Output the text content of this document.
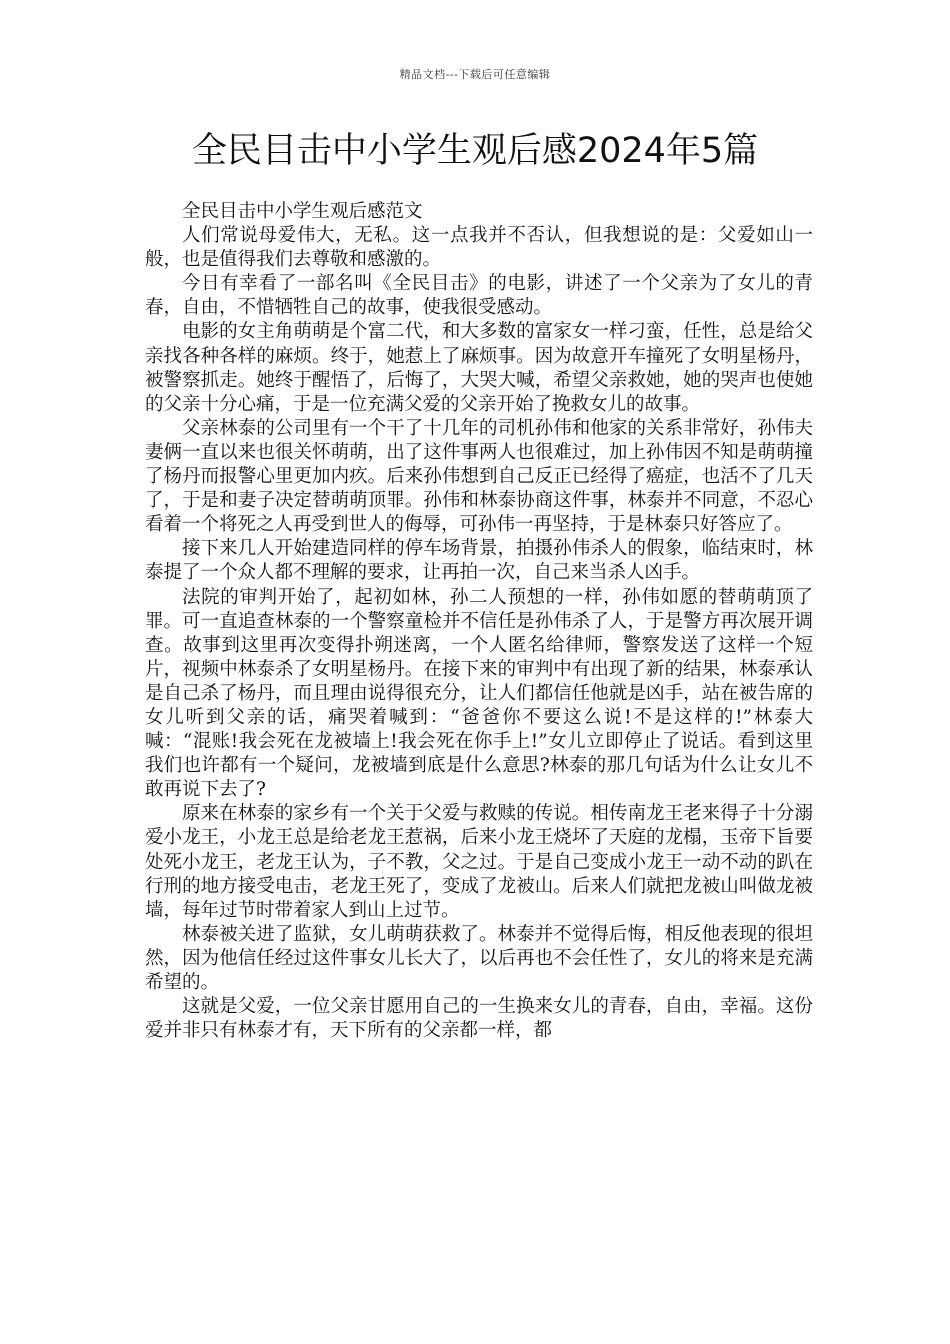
精品文档---下载后可任意编辑
全民目击中小学生观后感2024年5篇

全民目击中小学生观后感范文

人们常说母爱伟大，无私。这一点我并不否认，但我想说的是：父爱如山一般，也是值得我们去尊敬和感激的。

今日有幸看了一部名叫《全民目击》的电影，讲述了一个父亲为了女儿的青春，自由，不惜牺牲自己的故事，使我很受感动。

电影的女主角萌萌是个富二代，和大多数的富家女一样刁蛮，任性，总是给父亲找各种各样的麻烦。终于，她惹上了麻烦事。因为故意开车撞死了女明星杨丹，被警察抓走。她终于醒悟了，后悔了，大哭大喊，希望父亲救她，她的哭声也使她的父亲十分心痛，于是一位充满父爱的父亲开始了挽救女儿的故事。

父亲林泰的公司里有一个干了十几年的司机孙伟和他家的关系非常好，孙伟夫妻俩一直以来也很关怀萌萌，出了这件事两人也很难过，加上孙伟因不知是萌萌撞了杨丹而报警心里更加内疚。后来孙伟想到自己反正已经得了癌症，也活不了几天了，于是和妻子决定替萌萌顶罪。孙伟和林泰协商这件事，林泰并不同意，不忍心看着一个将死之人再受到世人的侮辱，可孙伟一再坚持，于是林泰只好答应了。

接下来几人开始建造同样的停车场背景，拍摄孙伟杀人的假象，临结束时，林泰提了一个众人都不理解的要求，让再拍一次，自己来当杀人凶手。

法院的审判开始了，起初如林，孙二人预想的一样，孙伟如愿的替萌萌顶了罪。可一直追查林泰的一个警察童检并不信任是孙伟杀了人，于是警方再次展开调查。故事到这里再次变得扑朔迷离，一个人匿名给律师，警察发送了这样一个短片，视频中林泰杀了女明星杨丹。在接下来的审判中有出现了新的结果，林泰承认是自己杀了杨丹，而且理由说得很充分，让人们都信任他就是凶手，站在被告席的女儿听到父亲的话，痛哭着喊到：“爸爸你不要这么说!不是这样的!”林泰大喊：“混账!我会死在龙被墙上!我会死在你手上!”女儿立即停止了说话。看到这里我们也许都有一个疑问，龙被墙到底是什么意思?林泰的那几句话为什么让女儿不敢再说下去了?

原来在林泰的家乡有一个关于父爱与救赎的传说。相传南龙王老来得子十分溺爱小龙王，小龙王总是给老龙王惹祸，后来小龙王烧坏了天庭的龙榻，玉帝下旨要处死小龙王，老龙王认为，子不教，父之过。于是自己变成小龙王一动不动的趴在行刑的地方接受电击，老龙王死了，变成了龙被山。后来人们就把龙被山叫做龙被墙，每年过节时带着家人到山上过节。

林泰被关进了监狱，女儿萌萌获救了。林泰并不觉得后悔，相反他表现的很坦然，因为他信任经过这件事女儿长大了，以后再也不会任性了，女儿的将来是充满希望的。

这就是父爱，一位父亲甘愿用自己的一生换来女儿的青春，自由，幸福。这份爱并非只有林泰才有，天下所有的父亲都一样，都
